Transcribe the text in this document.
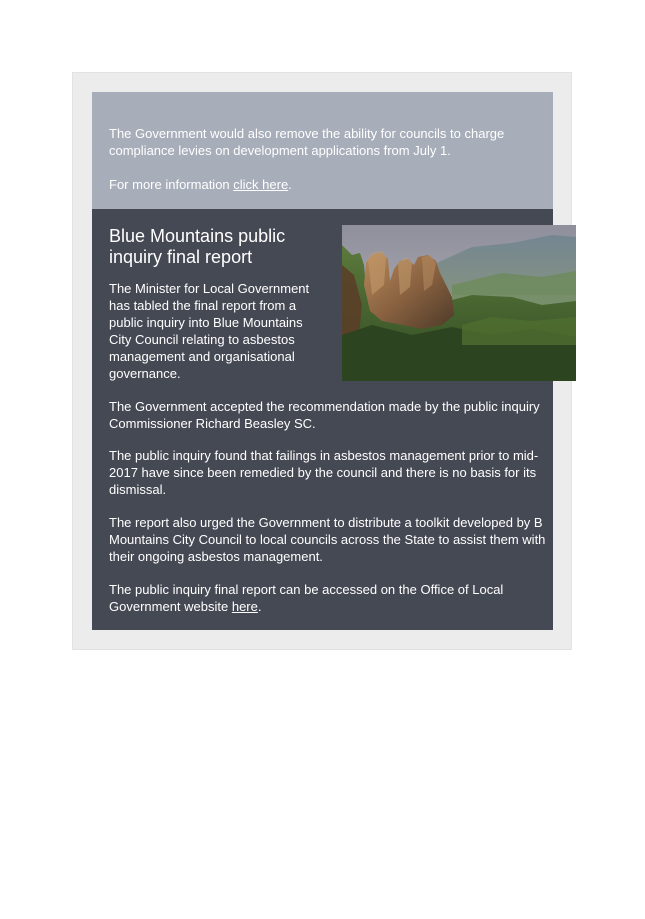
The Government would also remove the ability for councils to charge compliance levies on development applications from July 1.

For more information click here.

Blue Mountains public inquiry final report

The Minister for Local Government has tabled the final report from a public inquiry into Blue Mountains City Council relating to asbestos management and organisational governance.

The Government accepted the recommendation made by the public inquiry
Commissioner Richard Beasley SC.

The public inquiry found that failings in asbestos management prior to mid-
2017 have since been remedied by the council and there is no basis for its
dismissal.

The report also urged the Government to distribute a toolkit developed by B
Mountains City Council to local councils across the State to assist them with
their ongoing asbestos management.

The public inquiry final report can be accessed on the Office of Local
Government website here.
